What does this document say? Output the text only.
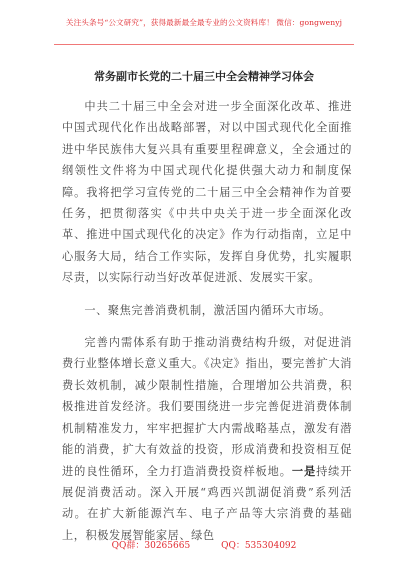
关注头条号“公文研究”，获得最新最全最专业的公文资料库！ 微信：gongwenyj
常务副市长党的二十届三中全会精神学习体会

中共二十届三中全会对进一步全面深化改革、推进中国式现代化作出战略部署，对以中国式现代化全面推进中华民族伟大复兴具有重要里程碑意义，全会通过的纲领性文件将为中国式现代化提供强大动力和制度保障。我将把学习宣传党的二十届三中全会精神作为首要任务，把贯彻落实《中共中央关于进一步全面深化改革、推进中国式现代化的决定》作为行动指南，立足中心服务大局，结合工作实际，发挥自身优势，扎实履职尽责，以实际行动当好改革促进派、发展实干家。

一、聚焦完善消费机制，激活国内循环大市场。

完善内需体系有助于推动消费结构升级，对促进消费行业整体增长意义重大。《决定》指出，要完善扩大消费长效机制，减少限制性措施，合理增加公共消费，积极推进首发经济。我们要围绕进一步完善促进消费体制机制精准发力，牢牢把握扩大内需战略基点，激发有潜能的消费，扩大有效益的投资，形成消费和投资相互促进的良性循环，全力打造消费投资样板地。一是持续开展促消费活动。深入开展“鸡西兴凯湖促消费”系列活动。在扩大新能源汽车、电子产品等大宗消费的基础上，积极发展智能家居、绿色

QQ群：30265665	QQ：535304092
